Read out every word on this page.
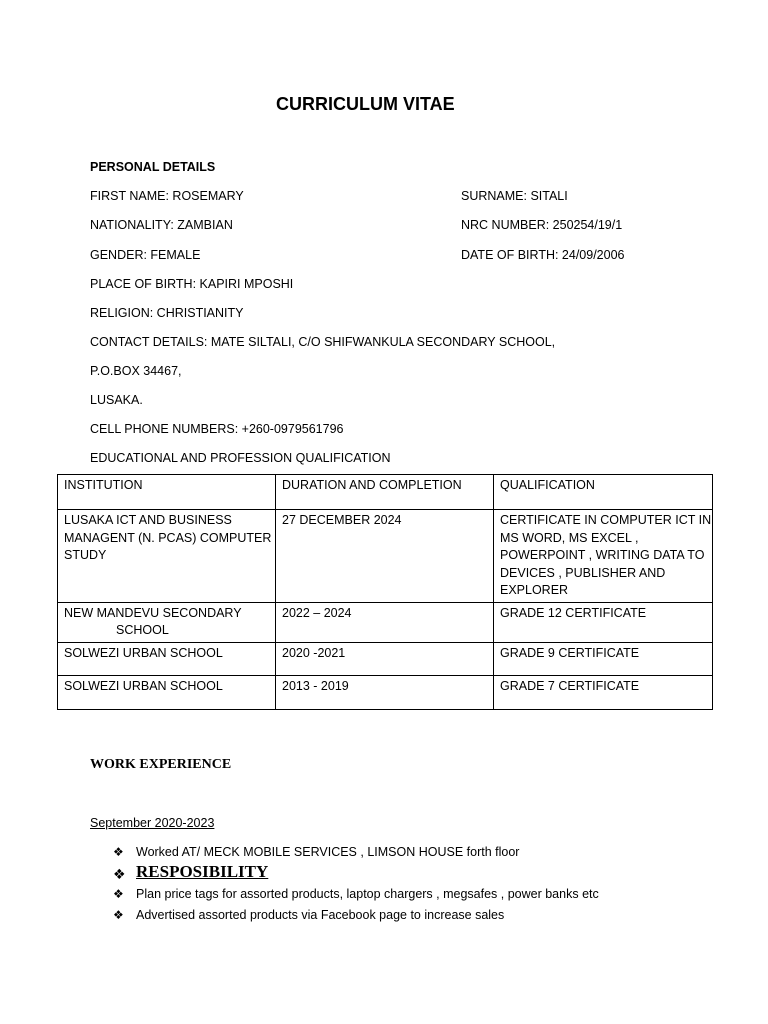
CURRICULUM VITAE
PERSONAL DETAILS
FIRST NAME: ROSEMARY	SURNAME: SITALI
NATIONALITY: ZAMBIAN	NRC NUMBER: 250254/19/1
GENDER: FEMALE	DATE OF BIRTH: 24/09/2006
PLACE OF BIRTH: KAPIRI MPOSHI
RELIGION: CHRISTIANITY
CONTACT DETAILS: MATE SILTALI, C/O SHIFWANKULA SECONDARY SCHOOL,
P.O.BOX 34467,
LUSAKA.
CELL PHONE NUMBERS: +260-0979561796
EDUCATIONAL AND PROFESSION QUALIFICATION
INSTITUTION	DURATION AND COMPLETION	QUALIFICATION

LUSAKA ICT AND BUSINESS
MANAGENT (N. PCAS) COMPUTER
STUDY	27 DECEMBER 2024	CERTIFICATE IN COMPUTER ICT IN
MS WORD, MS EXCEL ,
POWERPOINT , WRITING DATA TO
DEVICES , PUBLISHER AND
EXPLORER

NEW MANDEVU SECONDARY
SCHOOL	2022 – 2024	GRADE 12 CERTIFICATE

SOLWEZI URBAN SCHOOL	2020 -2021	GRADE 9 CERTIFICATE

SOLWEZI URBAN SCHOOL	2013 - 2019	GRADE 7 CERTIFICATE
WORK EXPERIENCE
September 2020-2023
❖ Worked AT/ MECK MOBILE SERVICES , LIMSON HOUSE forth floor
❖ RESPOSIBILITY
❖ Plan price tags for assorted products, laptop chargers , megsafes , power banks etc
❖ Advertised assorted products via Facebook page to increase sales
